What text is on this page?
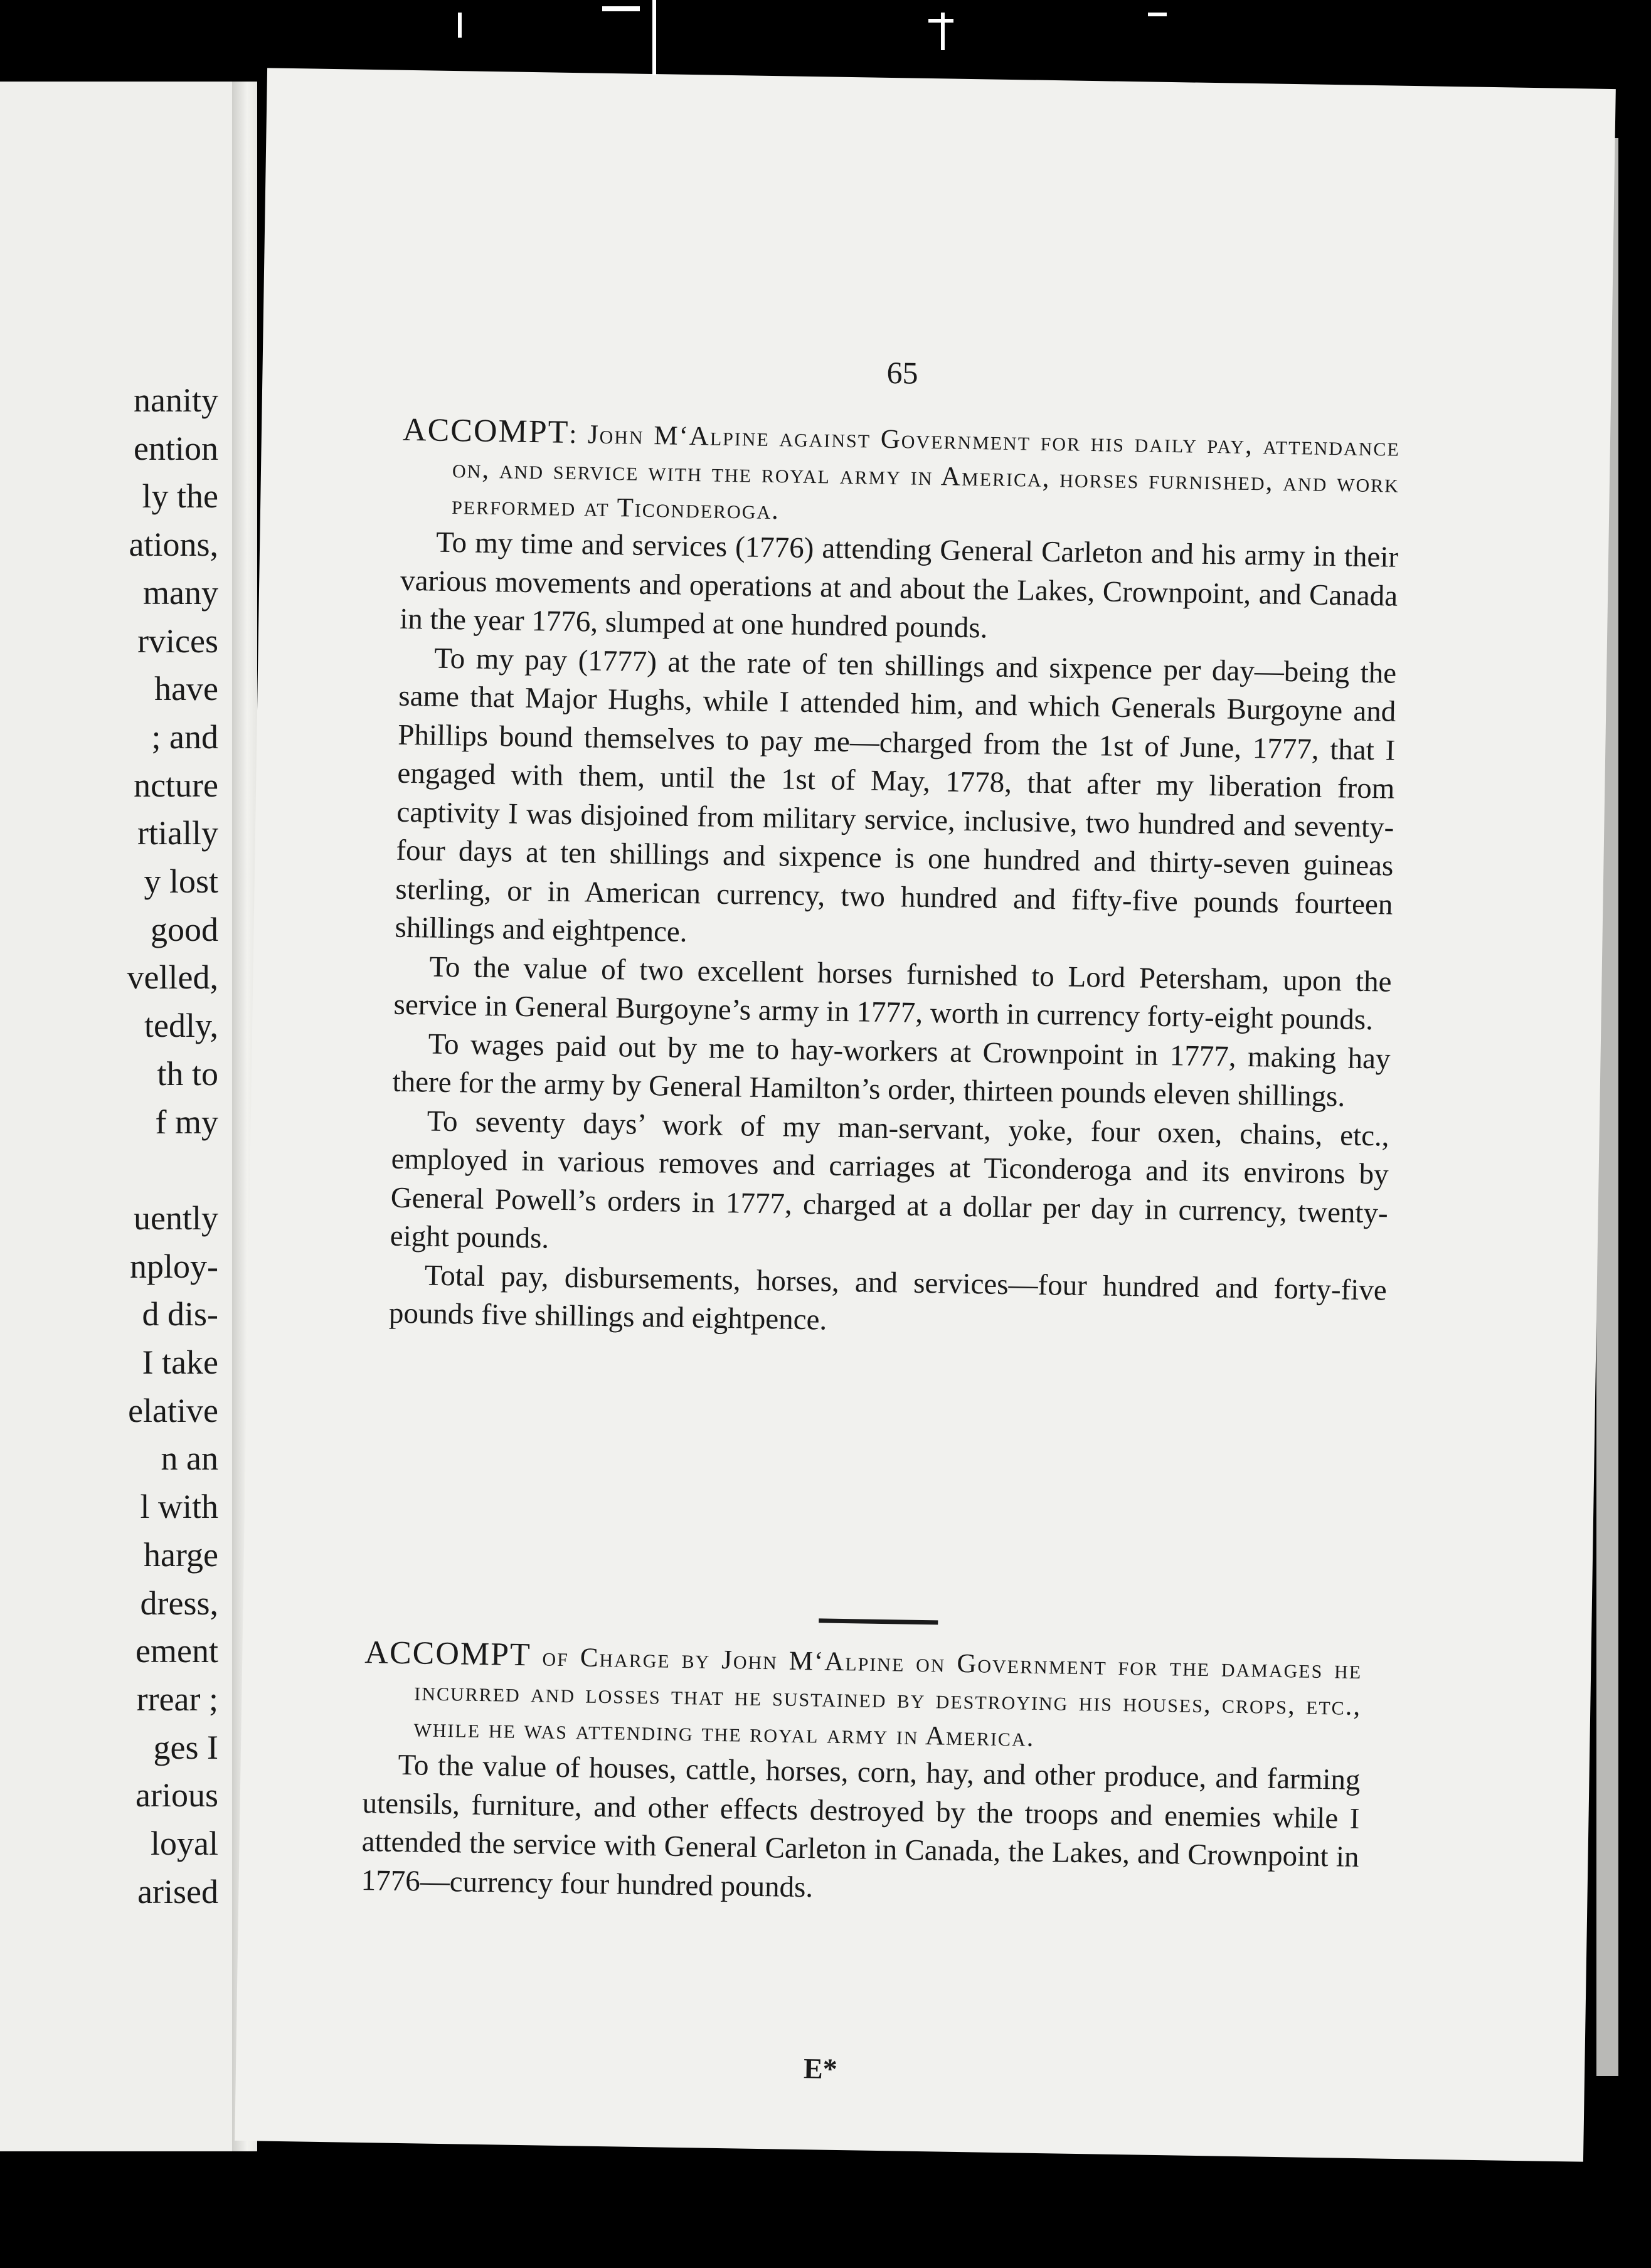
nanity
ention
ly the
ations,
many
rvices
have
; and
ncture
rtially
y lost
good
velled,
tedly,
th to
f my

uently
nploy-
d dis-
I take
elative
n an
l with
harge
dress,
ement
rrear ;
ges I
arious
loyal
arised
65

ACCOMPT: John M‘Alpine against Government for his daily pay, attendance on, and service with the royal army in America, horses furnished, and work performed at Ticonderoga.

To my time and services (1776) attending General Carleton and his army in their various movements and operations at and about the Lakes, Crownpoint, and Canada in the year 1776, slumped at one hundred pounds.

To my pay (1777) at the rate of ten shillings and sixpence per day—being the same that Major Hughs, while I attended him, and which Generals Burgoyne and Phillips bound themselves to pay me—charged from the 1st of June, 1777, that I engaged with them, until the 1st of May, 1778, that after my liberation from captivity I was disjoined from military service, inclusive, two hundred and seventy-four days at ten shillings and sixpence is one hundred and thirty-seven guineas sterling, or in American currency, two hundred and fifty-five pounds fourteen shillings and eightpence.

To the value of two excellent horses furnished to Lord Petersham, upon the service in General Burgoyne’s army in 1777, worth in currency forty-eight pounds.

To wages paid out by me to hay-workers at Crownpoint in 1777, making hay there for the army by General Hamilton’s order, thirteen pounds eleven shillings.

To seventy days’ work of my man-servant, yoke, four oxen, chains, etc., employed in various removes and carriages at Ticonderoga and its environs by General Powell’s orders in 1777, charged at a dollar per day in currency, twenty-eight pounds.

Total pay, disbursements, horses, and services—four hundred and forty-five pounds five shillings and eightpence.

ACCOMPT of Charge by John M‘Alpine on Government for the damages he incurred and losses that he sustained by destroying his houses, crops, etc., while he was attending the royal army in America.

To the value of houses, cattle, horses, corn, hay, and other produce, and farming utensils, furniture, and other effects destroyed by the troops and enemies while I attended the service with General Carleton in Canada, the Lakes, and Crownpoint in 1776—currency four hundred pounds.

E*
